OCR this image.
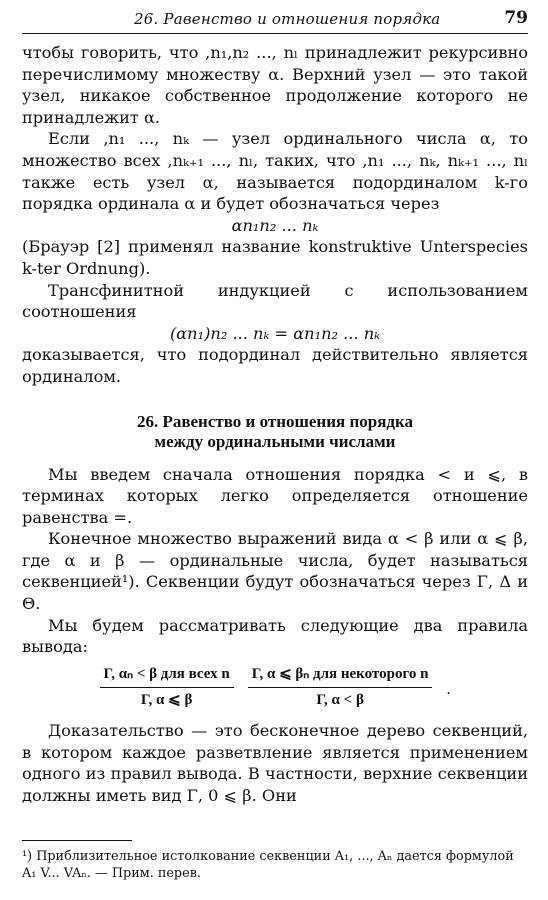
26. Равенство и отношения порядка	79

чтобы говорить, что ,n₁,n₂ ..., nₗ принадлежит рекурсивно перечислимому множеству α. Верхний узел — это такой узел, никакое собственное продолжение которого не принадлежит α.

Если ,n₁ ..., nₖ — узел ординального числа α, то множество всех ,nₖ₊₁ ..., nₗ, таких, что ,n₁ ..., nₖ, nₖ₊₁ ..., nₗ также есть узел α, называется подординалом k-го порядка ординала α и будет обозначаться через

αn₁n₂ ... nₖ

(Брауэр [2] применял название konstruktive Unterspecies k-ter Ordnung).

Трансфинитной индукцией с использованием соотношения

(αn₁)n₂ ... nₖ = αn₁n₂ ... nₖ

доказывается, что подординал действительно является ординалом.

26. Равенство и отношения порядка
между ординальными числами

Мы введем сначала отношения порядка < и ⩽, в терминах которых легко определяется отношение равенства =.

Конечное множество выражений вида α < β или α ⩽ β, где α и β — ординальные числа, будет называться секвенцией¹). Секвенции будут обозначаться через Γ, Δ и Θ.

Мы будем рассматривать следующие два правила вывода:

$\frac{\text{Γ, αₙ < β для всех n}}{\Gamma, \alpha ⩽ \beta} \frac{\text{Γ, α ⩽ βₙ для некоторого n}}{\Gamma, \alpha < \beta}$ .

Доказательство — это бесконечное дерево секвенций, в котором каждое разветвление является применением одного из правил вывода. В частности, верхние секвенции должны иметь вид Γ, 0 ⩽ β. Они

¹) Приблизительное истолкование секвенции A₁, ..., Aₙ дается формулой A₁ V... VAₙ. — Прим. перев.
